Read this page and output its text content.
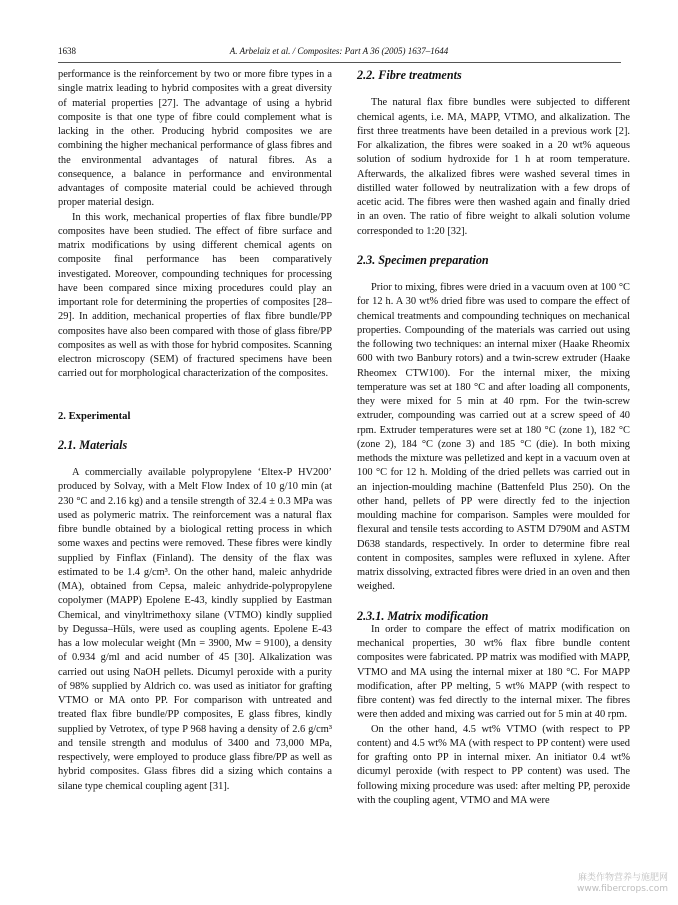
1638	A. Arbelaiz et al. / Composites: Part A 36 (2005) 1637–1644

performance is the reinforcement by two or more fibre types in a single matrix leading to hybrid composites with a great diversity of material properties [27]. The advantage of using a hybrid composite is that one type of fibre could complement what is lacking in the other. Producing hybrid composites we are combining the higher mechanical performance of glass fibres and the environmental advantages of natural fibres. As a consequence, a balance in performance and environmental advantages of composite material could be achieved through proper material design.

In this work, mechanical properties of flax fibre bundle/PP composites have been studied. The effect of fibre surface and matrix modifications by using different chemical agents on composite final performance has been comparatively investigated. Moreover, compounding techniques for processing have been compared since mixing procedures could play an important role for determining the properties of composites [28–29]. In addition, mechanical properties of flax fibre bundle/PP composites have also been compared with those of glass fibre/PP composites as well as with those for hybrid composites. Scanning electron microscopy (SEM) of fractured specimens have been carried out for morphological characterization of the composites.

2. Experimental
2.1. Materials

A commercially available polypropylene ‘Eltex-P HV200’ produced by Solvay, with a Melt Flow Index of 10 g/10 min (at 230 °C and 2.16 kg) and a tensile strength of 32.4 ± 0.3 MPa was used as polymeric matrix. The reinforcement was a natural flax fibre bundle obtained by a biological retting process in which some waxes and pectins were removed. These fibres were kindly supplied by Finflax (Finland). The density of the flax was estimated to be 1.4 g/cm³. On the other hand, maleic anhydride (MA), obtained from Cepsa, maleic anhydride-polypropylene copolymer (MAPP) Epolene E-43, kindly supplied by Eastman Chemical, and vinyltrimethoxy silane (VTMO) kindly supplied by Degussa–Hüls, were used as coupling agents. Epolene E-43 has a low molecular weight (Mn = 3900, Mw = 9100), a density of 0.934 g/ml and acid number of 45 [30]. Alkalization was carried out using NaOH pellets. Dicumyl peroxide with a purity of 98% supplied by Aldrich co. was used as initiator for grafting VTMO or MA onto PP. For comparison with untreated and treated flax fibre bundle/PP composites, E glass fibres, kindly supplied by Vetrotex, of type P 968 having a density of 2.6 g/cm³ and tensile strength and modulus of 3400 and 73,000 MPa, respectively, were employed to produce glass fibre/PP as well as hybrid composites. Glass fibres did a sizing which contains a silane type chemical coupling agent [31].

2.2. Fibre treatments

The natural flax fibre bundles were subjected to different chemical agents, i.e. MA, MAPP, VTMO, and alkalization. The first three treatments have been detailed in a previous work [2]. For alkalization, the fibres were soaked in a 20 wt% aqueous solution of sodium hydroxide for 1 h at room temperature. Afterwards, the alkalized fibres were washed several times in distilled water followed by neutralization with a few drops of acetic acid. The fibres were then washed again and finally dried in an oven. The ratio of fibre weight to alkali solution volume corresponded to 1:20 [32].

2.3. Specimen preparation

Prior to mixing, fibres were dried in a vacuum oven at 100 °C for 12 h. A 30 wt% dried fibre was used to compare the effect of chemical treatments and compounding techniques on mechanical properties. Compounding of the materials was carried out using the following two techniques: an internal mixer (Haake Rheomix 600 with two Banbury rotors) and a twin-screw extruder (Haake Rheomex CTW100). For the internal mixer, the mixing temperature was set at 180 °C and after loading all components, they were mixed for 5 min at 40 rpm. For the twin-screw extruder, compounding was carried out at a screw speed of 40 rpm. Extruder temperatures were set at 180 °C (zone 1), 182 °C (zone 2), 184 °C (zone 3) and 185 °C (die). In both mixing methods the mixture was pelletized and kept in a vacuum oven at 100 °C for 12 h. Molding of the dried pellets was carried out in an injection-moulding machine (Battenfeld Plus 250). On the other hand, pellets of PP were directly fed to the injection moulding machine for comparison. Samples were moulded for flexural and tensile tests according to ASTM D790M and ASTM D638 standards, respectively. In order to determine fibre real content in composites, samples were refluxed in xylene. After matrix dissolving, extracted fibres were dried in an oven and then weighed.

2.3.1. Matrix modification

In order to compare the effect of matrix modification on mechanical properties, 30 wt% flax fibre bundle content composites were fabricated. PP matrix was modified with MAPP, VTMO and MA using the internal mixer at 180 °C. For MAPP modification, after PP melting, 5 wt% MAPP (with respect to fibre content) was fed directly to the internal mixer. The fibres were then added and mixing was carried out for 5 min at 40 rpm.

On the other hand, 4.5 wt% VTMO (with respect to PP content) and 4.5 wt% MA (with respect to PP content) were used for grafting onto PP in internal mixer. An initiator 0.4 wt% dicumyl peroxide (with respect to PP content) was used. The following mixing procedure was used: after melting PP, peroxide with the coupling agent, VTMO and MA were

麻类作物营养与施肥网
www.fibercrops.com
